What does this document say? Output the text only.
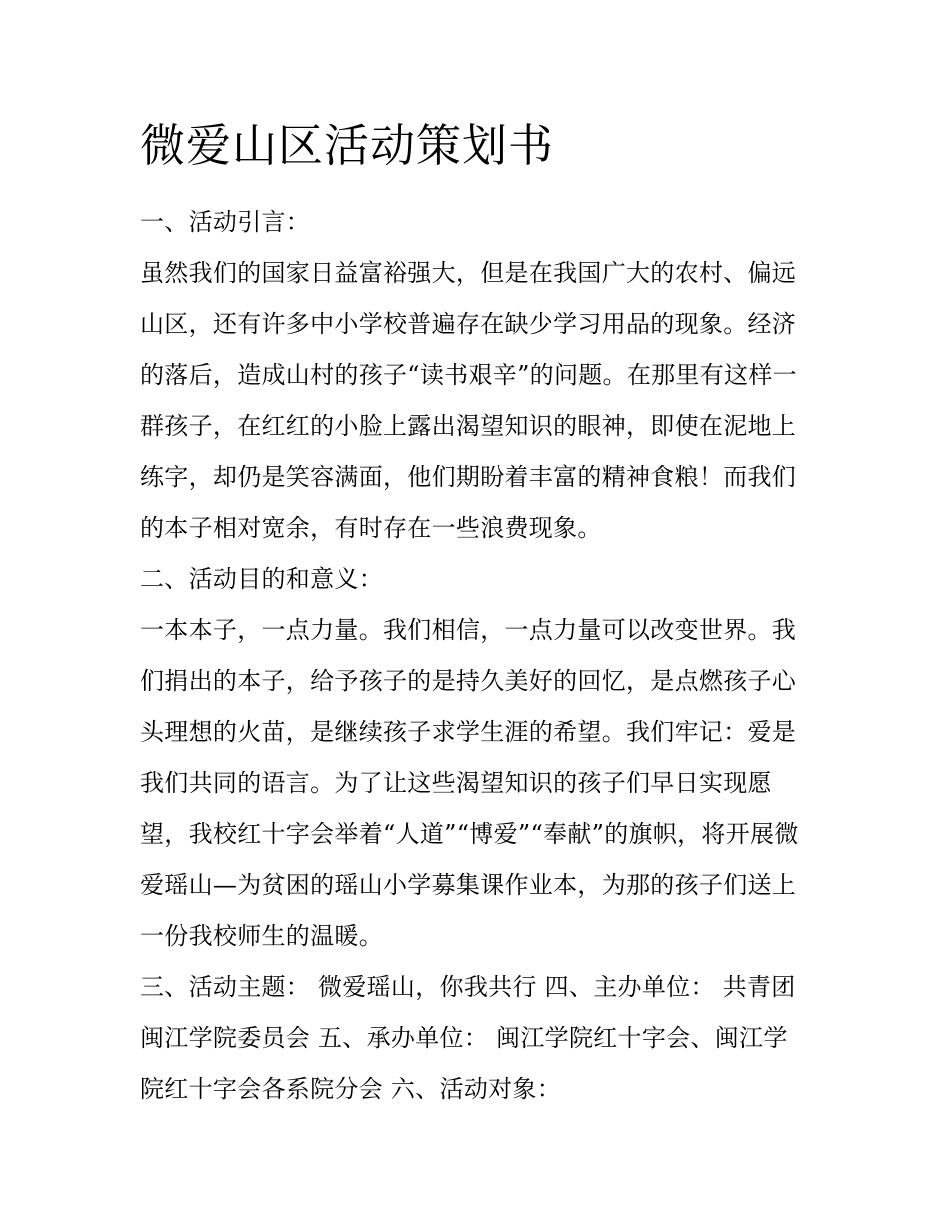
微爱山区活动策划书
一、活动引言：
虽然我们的国家日益富裕强大，但是在我国广大的农村、偏远
山区，还有许多中小学校普遍存在缺少学习用品的现象。经济
的落后，造成山村的孩子“读书艰辛”的问题。在那里有这样一
群孩子，在红红的小脸上露出渴望知识的眼神，即使在泥地上
练字，却仍是笑容满面，他们期盼着丰富的精神食粮！而我们
的本子相对宽余，有时存在一些浪费现象。
二、活动目的和意义：
一本本子，一点力量。我们相信，一点力量可以改变世界。我
们捐出的本子，给予孩子的是持久美好的回忆，是点燃孩子心
头理想的火苗，是继续孩子求学生涯的希望。我们牢记：爱是
我们共同的语言。为了让这些渴望知识的孩子们早日实现愿
望，我校红十字会举着“人道”“博爱”“奉献”的旗帜，将开展微
爱瑶山—为贫困的瑶山小学募集课作业本，为那的孩子们送上
一份我校师生的温暖。
三、活动主题： 微爱瑶山，你我共行 四、主办单位： 共青团
闽江学院委员会 五、承办单位： 闽江学院红十字会、闽江学
院红十字会各系院分会 六、活动对象：
